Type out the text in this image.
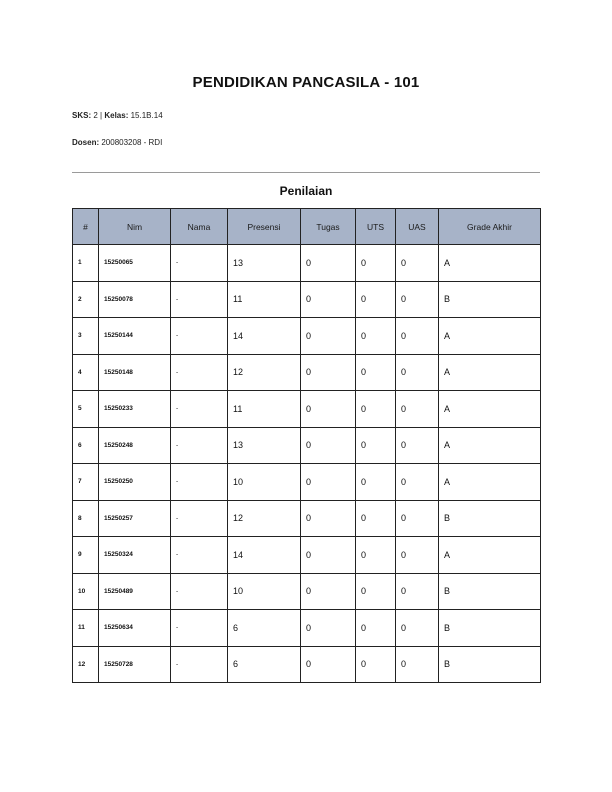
PENDIDIKAN PANCASILA - 101
SKS: 2 | Kelas: 15.1B.14
Dosen: 200803208 - RDI
Penilaian
#	Nim	Nama	Presensi	Tugas	UTS	UAS	Grade Akhir
1	15250065	-	13	0	0	0	A
2	15250078	-	11	0	0	0	B
3	15250144	-	14	0	0	0	A
4	15250148	-	12	0	0	0	A
5	15250233	-	11	0	0	0	A
6	15250248	-	13	0	0	0	A
7	15250250	-	10	0	0	0	A
8	15250257	-	12	0	0	0	B
9	15250324	-	14	0	0	0	A
10	15250489	-	10	0	0	0	B
11	15250634	-	6	0	0	0	B
12	15250728	-	6	0	0	0	B
